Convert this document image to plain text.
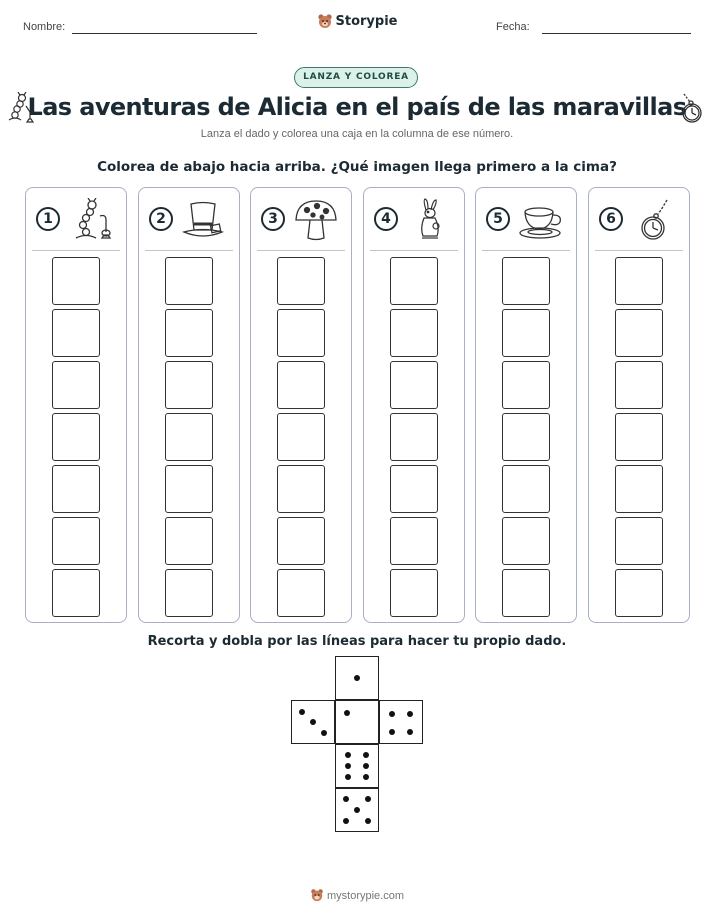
Nombre:	Storypie	Fecha:
LANZA Y COLOREA
Las aventuras de Alicia en el país de las maravillas
Lanza el dado y colorea una caja en la columna de ese número.
Colorea de abajo hacia arriba. ¿Qué imagen llega primero a la cima?
1	2	3	4	5	6
Recorta y dobla por las líneas para hacer tu propio dado.
mystorypie.com
